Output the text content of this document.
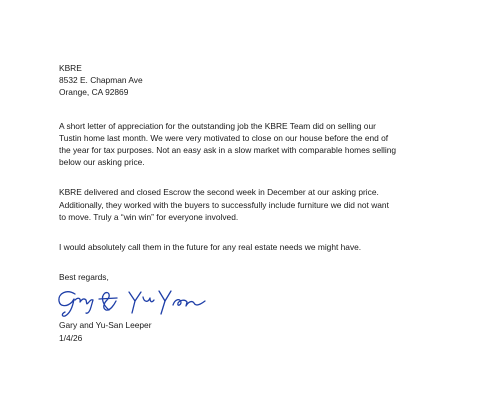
KBRE
8532 E. Chapman Ave
Orange, CA 92869
A short letter of appreciation for the outstanding job the KBRE Team did on selling our
Tustin home last month. We were very motivated to close on our house before the end of
the year for tax purposes. Not an easy ask in a slow market with comparable homes selling
below our asking price.
KBRE delivered and closed Escrow the second week in December at our asking price.
Additionally, they worked with the buyers to successfully include furniture we did not want
to move. Truly a “win win” for everyone involved.
I would absolutely call them in the future for any real estate needs we might have.
Best regards,
Gary and Yu-San Leeper
1/4/26
